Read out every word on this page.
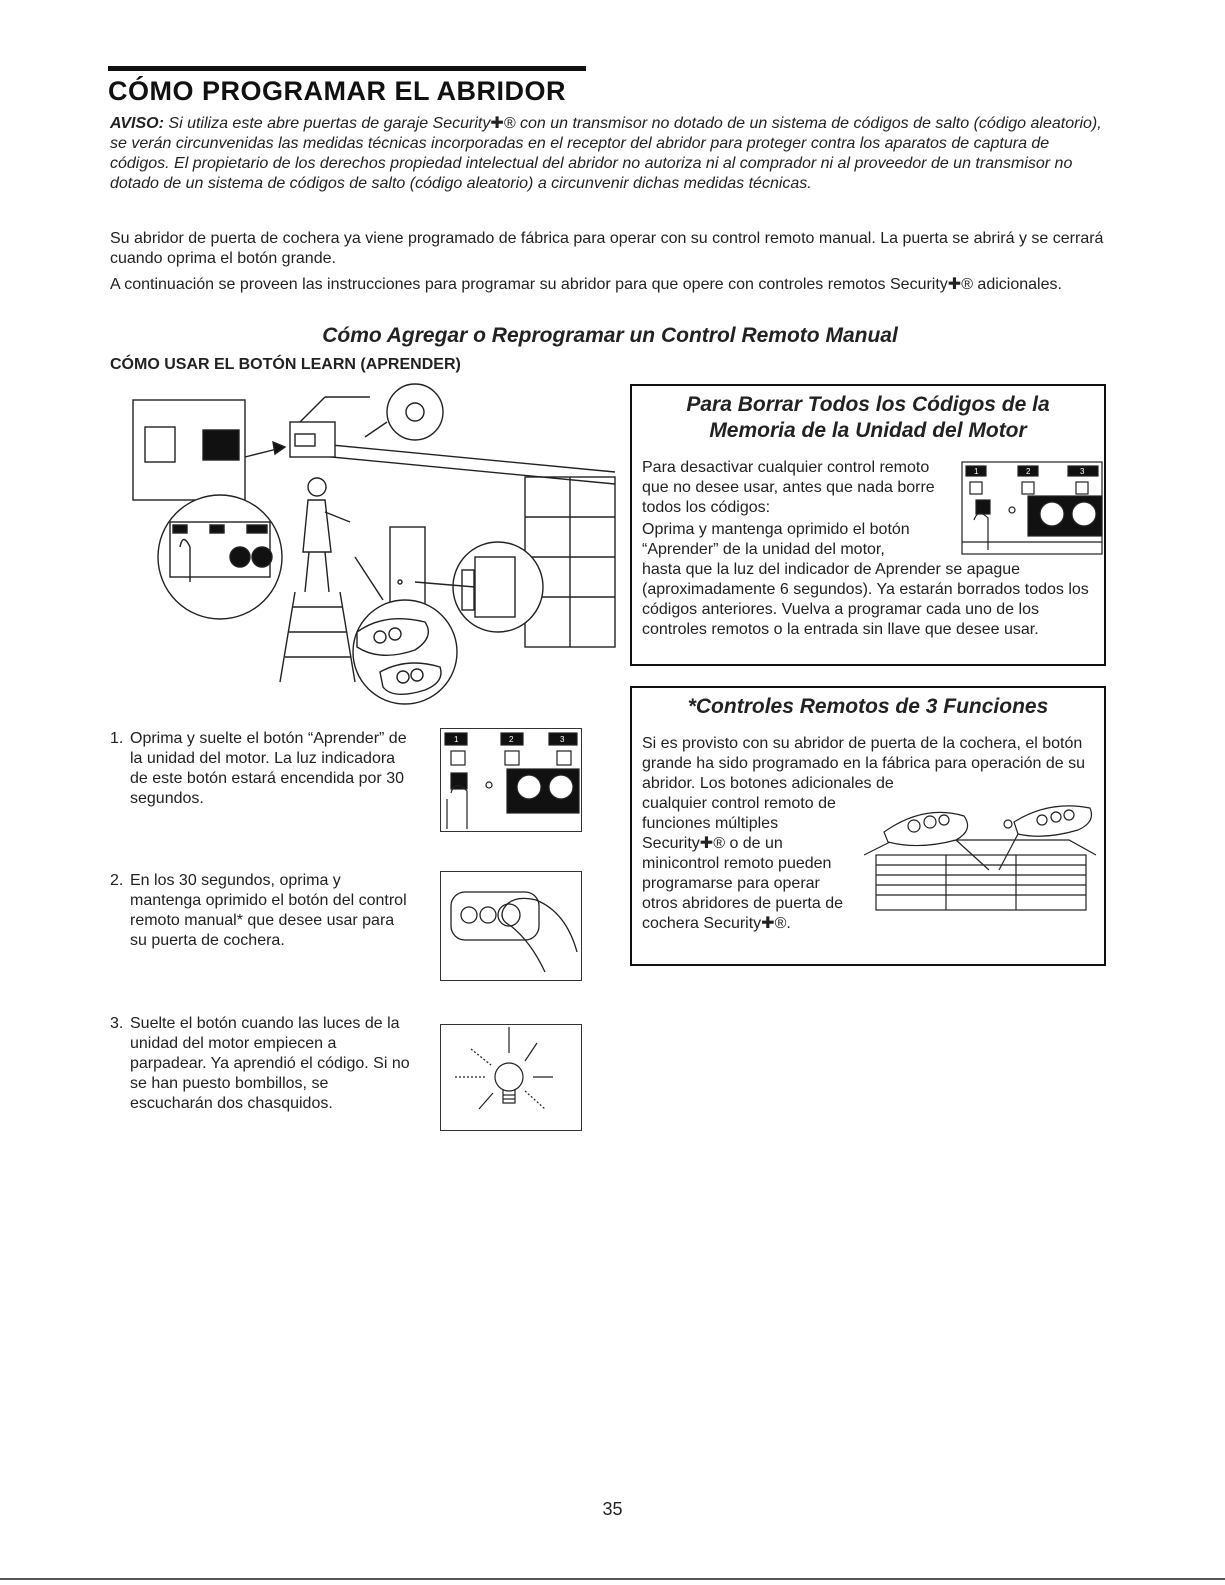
CÓMO PROGRAMAR EL ABRIDOR
AVISO: Si utiliza este abre puertas de garaje Security✚® con un transmisor no dotado de un sistema de códigos de salto (código aleatorio), se verán circunvenidas las medidas técnicas incorporadas en el receptor del abridor para proteger contra los aparatos de captura de códigos. El propietario de los derechos propiedad intelectual del abridor no autoriza ni al comprador ni al proveedor de un transmisor no dotado de un sistema de códigos de salto (código aleatorio) a circunvenir dichas medidas técnicas.
Su abridor de puerta de cochera ya viene programado de fábrica para operar con su control remoto manual. La puerta se abrirá y se cerrará cuando oprima el botón grande.
A continuación se proveen las instrucciones para programar su abridor para que opere con controles remotos Security✚® adicionales.
Cómo Agregar o Reprogramar un Control Remoto Manual
CÓMO USAR EL BOTÓN LEARN (APRENDER)
Para Borrar Todos los Códigos de la
Memoria de la Unidad del Motor
Para desactivar cualquier control remoto que no desee usar, antes que nada borre todos los códigos:
Oprima y mantenga oprimido el botón “Aprender” de la unidad del motor,
hasta que la luz del indicador de Aprender se apague (aproximadamente 6 segundos). Ya estarán borrados todos los códigos anteriores. Vuelva a programar cada uno de los controles remotos o la entrada sin llave que desee usar.
1	2	3
*Controles Remotos de 3 Funciones
Si es provisto con su abridor de puerta de la cochera, el botón grande ha sido programado en la fábrica para operación de su abridor. Los botones adicionales de
cualquier control remoto de funciones múltiples Security✚® o de un minicontrol remoto pueden programarse para operar otros abridores de puerta de cochera Security✚®.
1. Oprima y suelte el botón “Aprender” de la unidad del motor. La luz indicadora de este botón estará encendida por 30 segundos.
2. En los 30 segundos, oprima y mantenga oprimido el botón del control remoto manual* que desee usar para su puerta de cochera.
3. Suelte el botón cuando las luces de la unidad del motor empiecen a parpadear. Ya aprendió el código. Si no se han puesto bombillos, se escucharán dos chasquidos.
1	2	3
35
